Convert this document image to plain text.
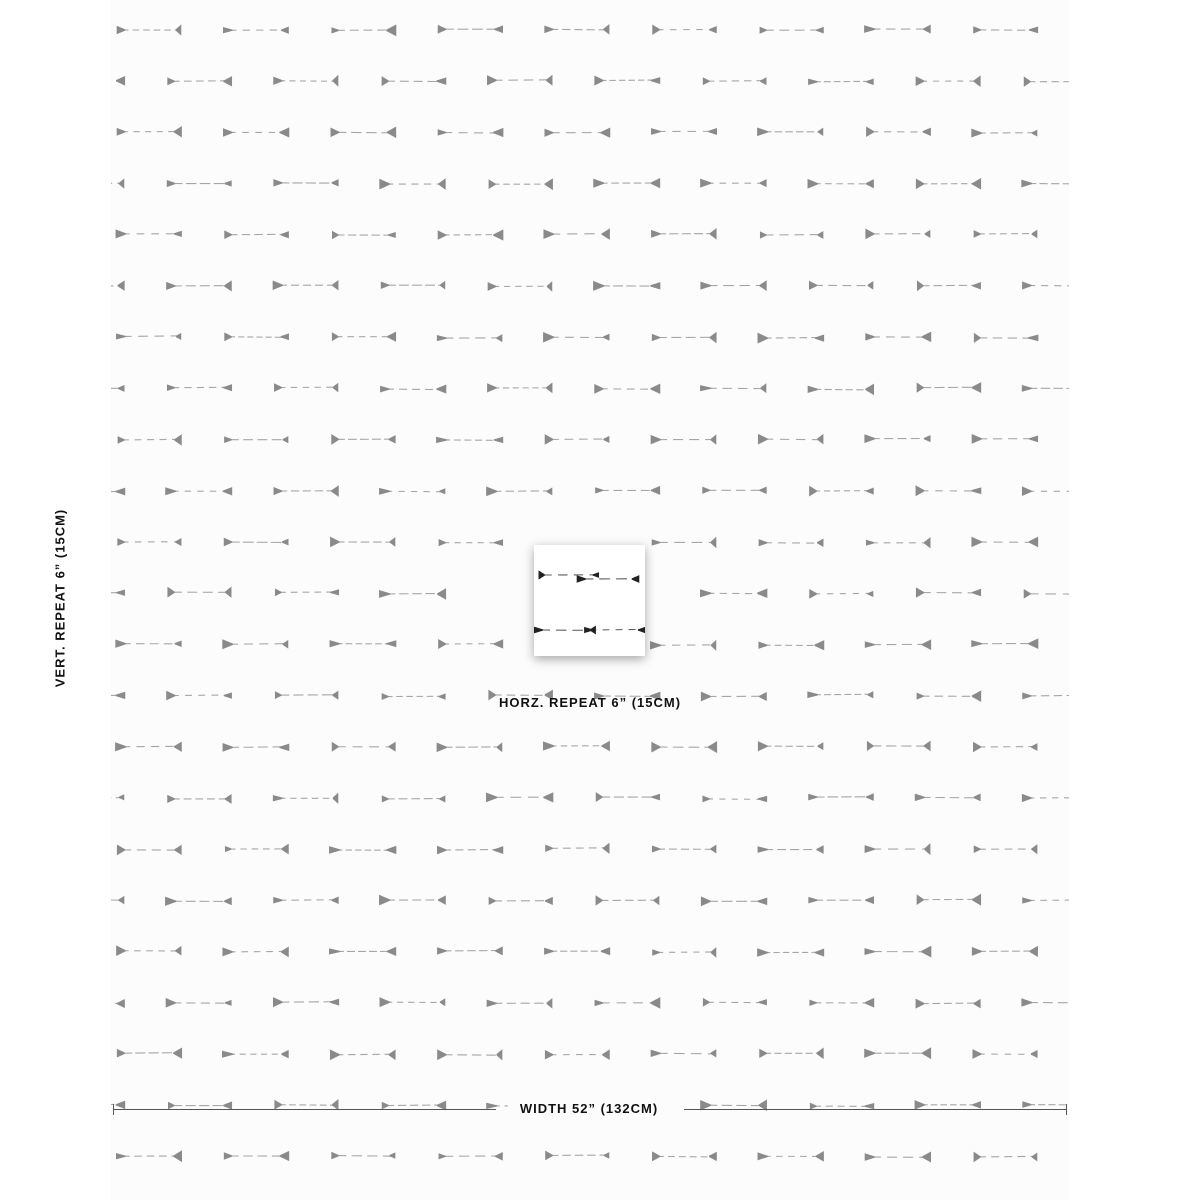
HORZ. REPEAT 6” (15CM)
VERT. REPEAT 6” (15CM)
WIDTH 52” (132CM)
